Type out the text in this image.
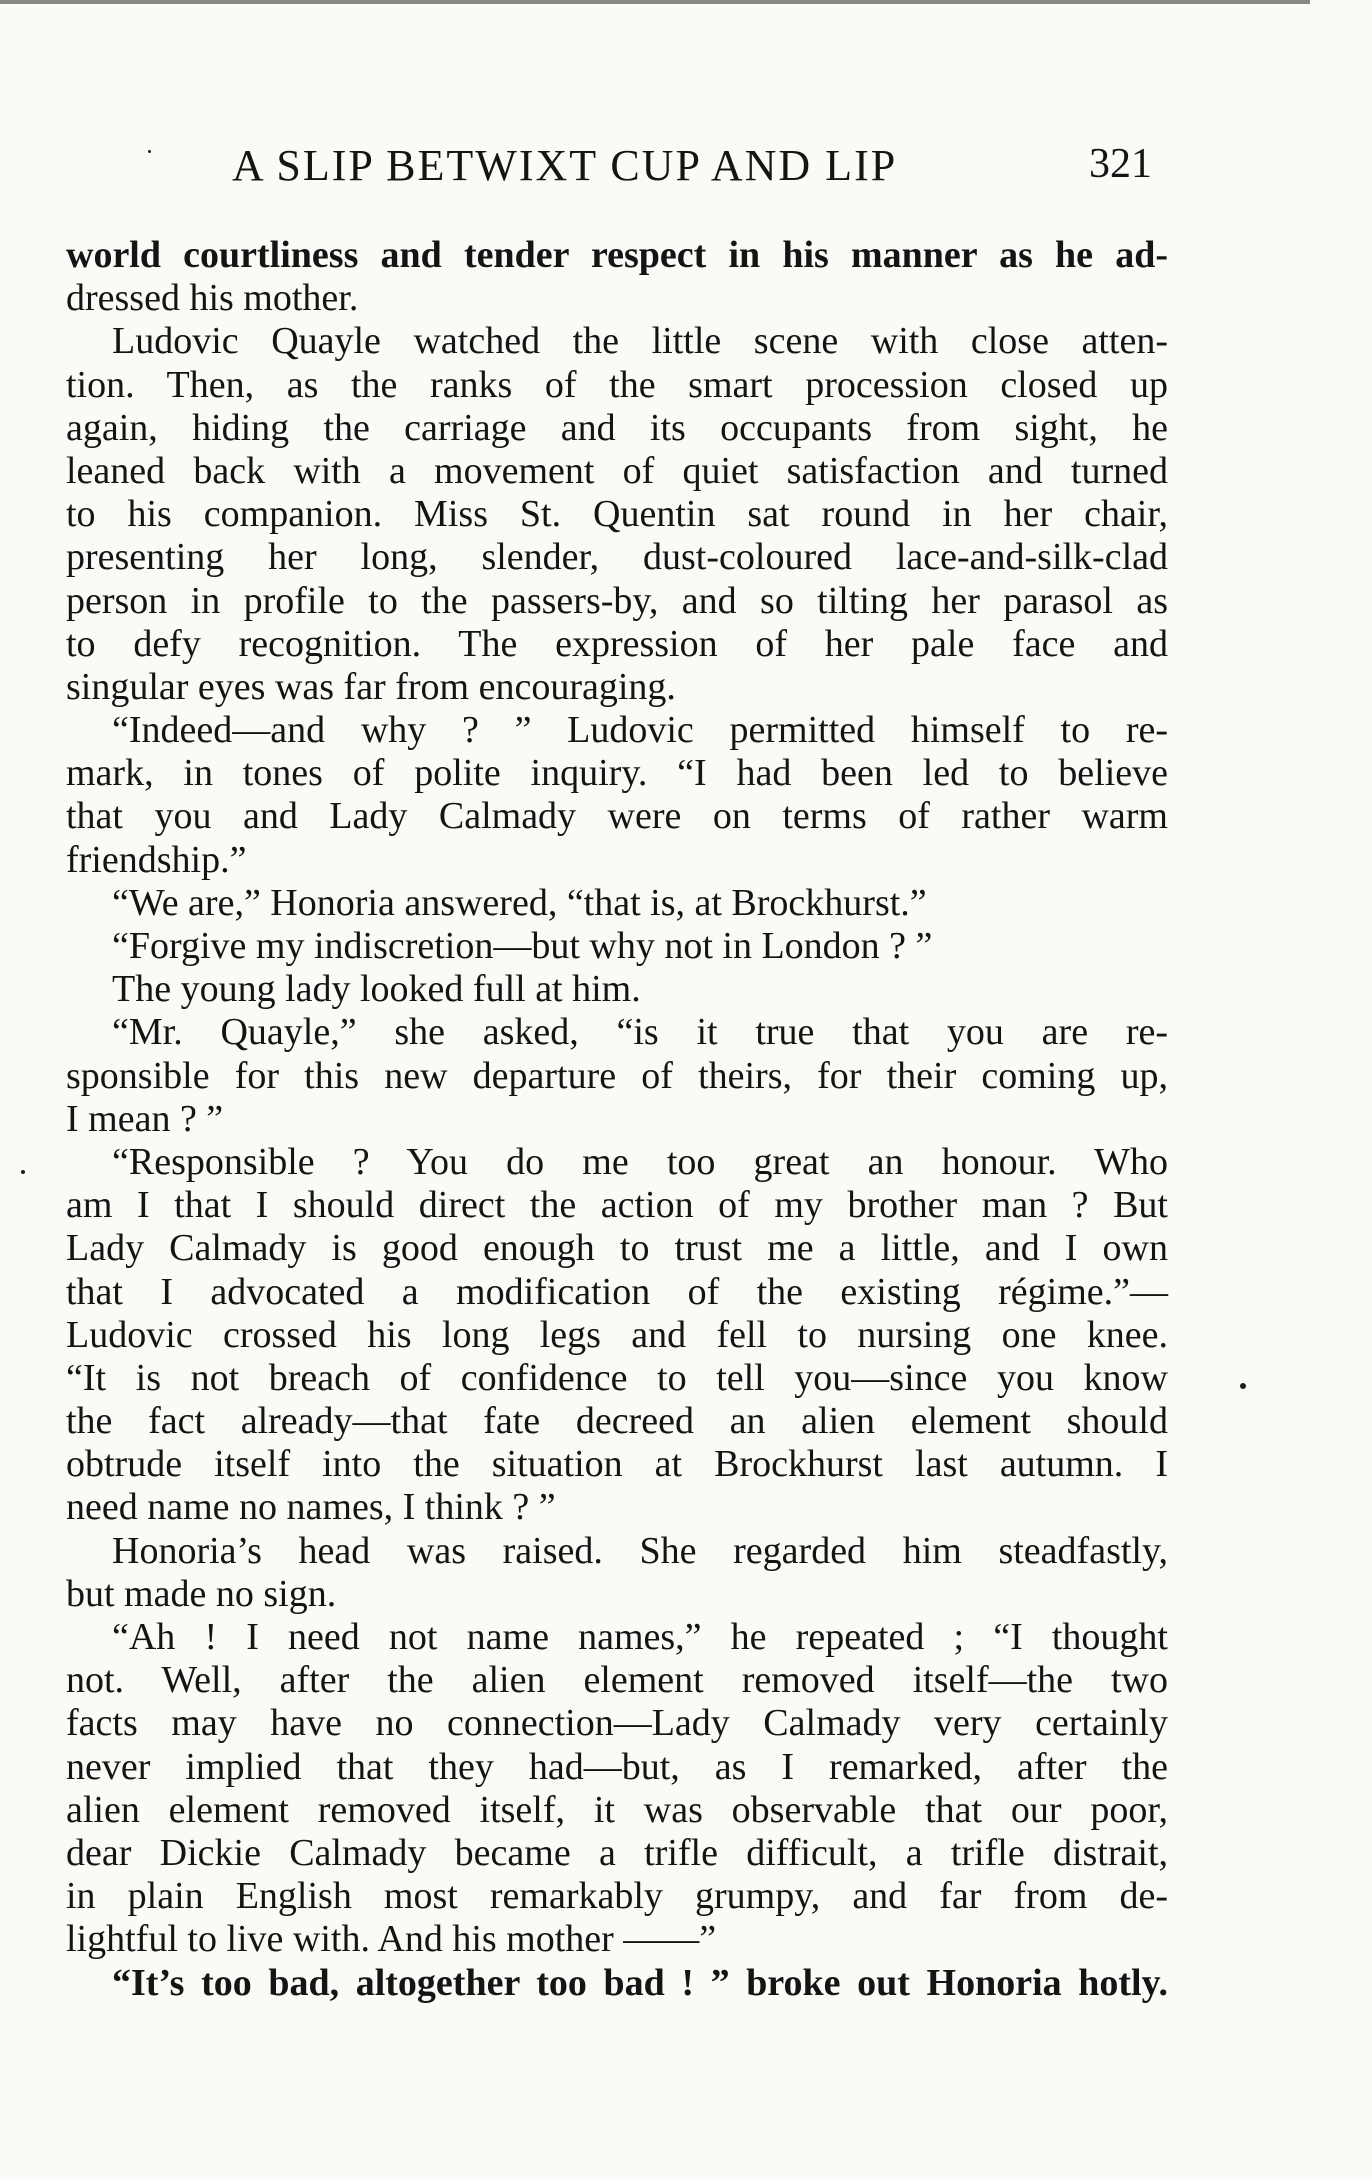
A SLIP BETWIXT CUP AND LIP	321
world courtliness and tender respect in his manner as he ad-
dressed his mother.
Ludovic Quayle watched the little scene with close atten-
tion. Then, as the ranks of the smart procession closed up
again, hiding the carriage and its occupants from sight, he
leaned back with a movement of quiet satisfaction and turned
to his companion. Miss St. Quentin sat round in her chair,
presenting her long, slender, dust-coloured lace-and-silk-clad
person in profile to the passers-by, and so tilting her parasol as
to defy recognition. The expression of her pale face and
singular eyes was far from encouraging.
“Indeed—and why ? ” Ludovic permitted himself to re-
mark, in tones of polite inquiry. “I had been led to believe
that you and Lady Calmady were on terms of rather warm
friendship.”
“We are,” Honoria answered, “that is, at Brockhurst.”
“Forgive my indiscretion—but why not in London ? ”
The young lady looked full at him.
“Mr. Quayle,” she asked, “is it true that you are re-
sponsible for this new departure of theirs, for their coming up,
I mean ? ”
“Responsible ? You do me too great an honour. Who
am I that I should direct the action of my brother man ? But
Lady Calmady is good enough to trust me a little, and I own
that I advocated a modification of the existing régime.”—
Ludovic crossed his long legs and fell to nursing one knee.
“It is not breach of confidence to tell you—since you know
the fact already—that fate decreed an alien element should
obtrude itself into the situation at Brockhurst last autumn. I
need name no names, I think ? ”
Honoria’s head was raised. She regarded him steadfastly,
but made no sign.
“Ah ! I need not name names,” he repeated ; “I thought
not. Well, after the alien element removed itself—the two
facts may have no connection—Lady Calmady very certainly
never implied that they had—but, as I remarked, after the
alien element removed itself, it was observable that our poor,
dear Dickie Calmady became a trifle difficult, a trifle distrait,
in plain English most remarkably grumpy, and far from de-
lightful to live with. And his mother ——”
“It’s too bad, altogether too bad ! ” broke out Honoria hotly.
